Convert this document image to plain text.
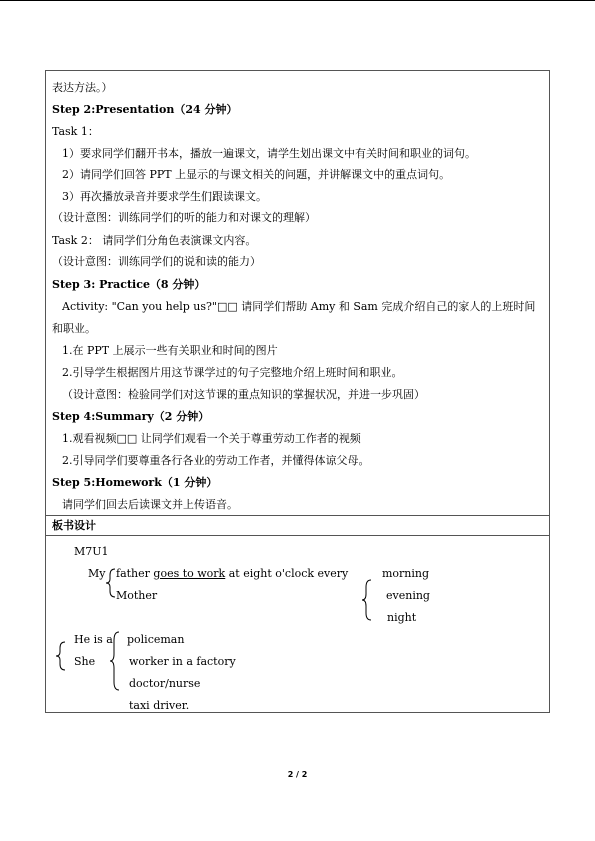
表达方法。）
Step 2:Presentation（24 分钟）
Task 1：
1）要求同学们翻开书本，播放一遍课文，请学生划出课文中有关时间和职业的词句。
2）请同学们回答 PPT 上显示的与课文相关的问题，并讲解课文中的重点词句。
3）再次播放录音并要求学生们跟读课文。
（设计意图：训练同学们的听的能力和对课文的理解）
Task 2： 请同学们分角色表演课文内容。
（设计意图：训练同学们的说和读的能力）
Step 3: Practice（8 分钟）
Activity: "Can you help us?"□□ 请同学们帮助 Amy 和 Sam 完成介绍自己的家人的上班时间
和职业。
1.在 PPT 上展示一些有关职业和时间的图片
2.引导学生根据图片用这节课学过的句子完整地介绍上班时间和职业。
（设计意图：检验同学们对这节课的重点知识的掌握状况，并进一步巩固）
Step 4:Summary（2 分钟）
1.观看视频□□ 让同学们观看一个关于尊重劳动工作者的视频
2.引导同学们要尊重各行各业的劳动工作者，并懂得体谅父母。
Step 5:Homework（1 分钟）
请同学们回去后读课文并上传语音。
板书设计
M7U1
My father goes to work at eight o'clock every
Mother
morning
evening
night
He is a
She
policeman
worker in a factory
doctor/nurse
taxi driver.
2 / 2
